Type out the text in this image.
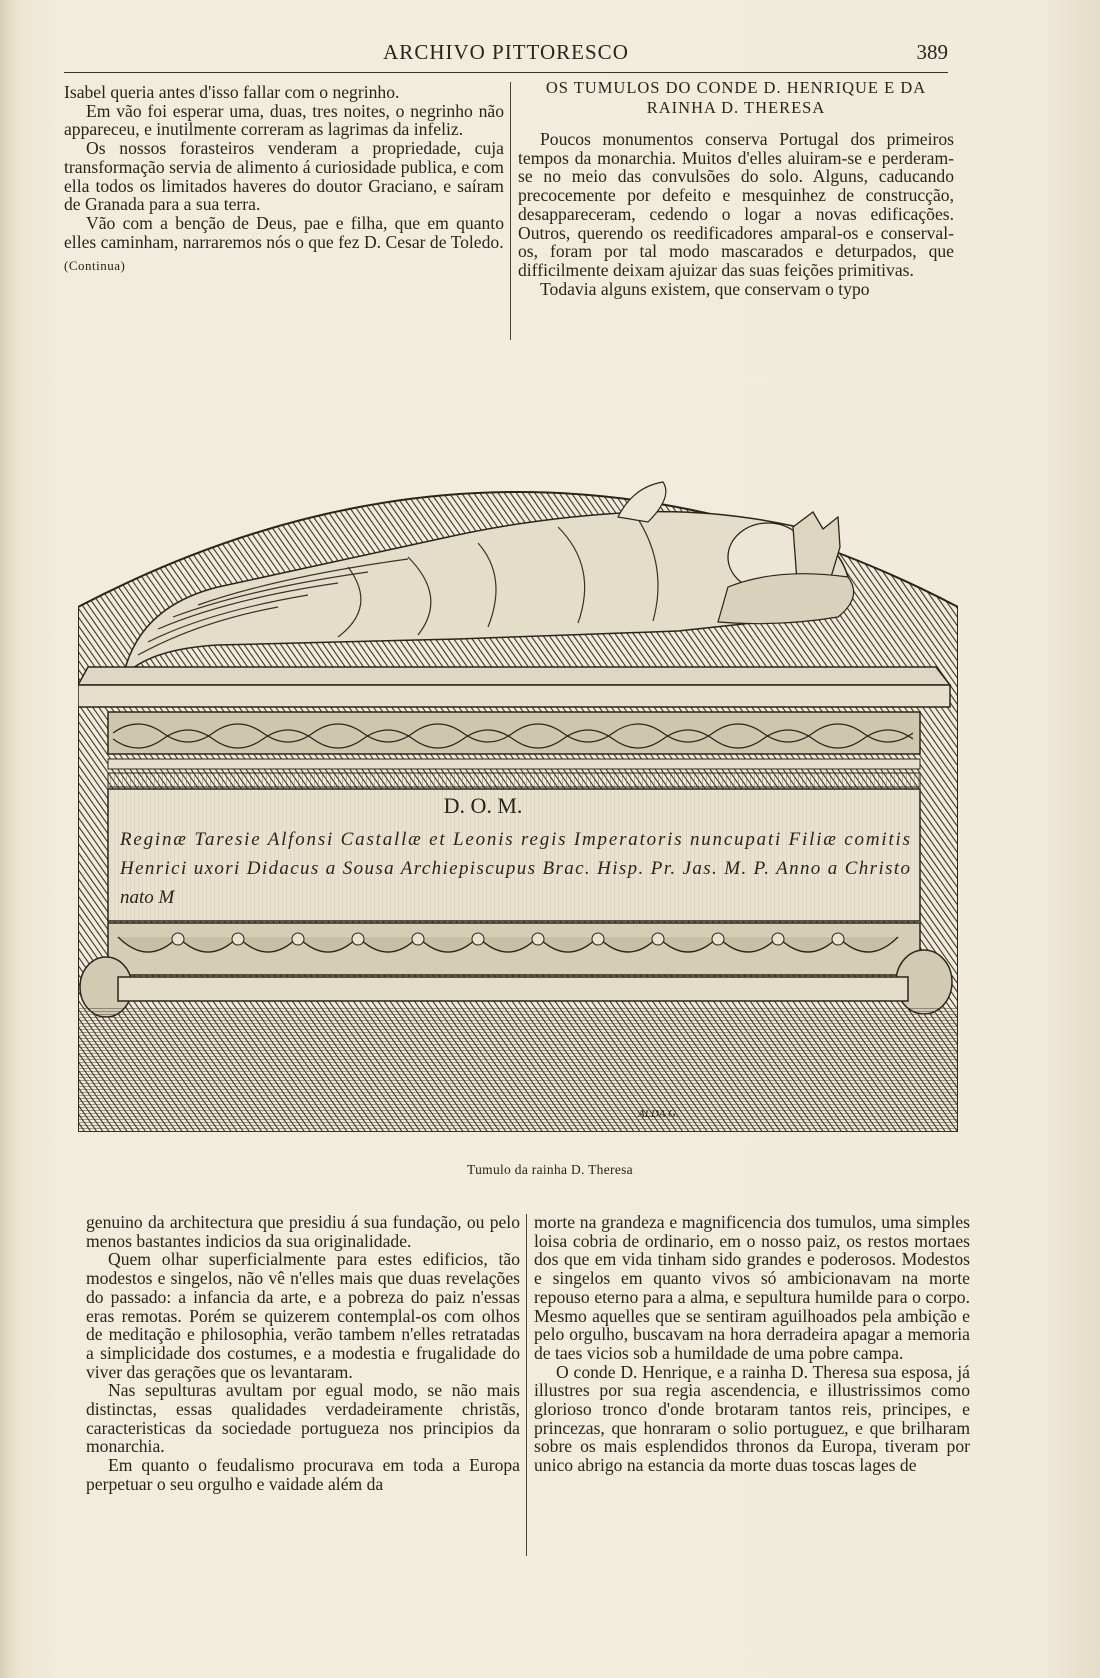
ARCHIVO PITTORESCO	389

Isabel queria antes d'isso fallar com o negrinho.

Em vão foi esperar uma, duas, tres noites, o negrinho não appareceu, e inutilmente correram as lagrimas da infeliz.

Os nossos forasteiros venderam a propriedade, cuja transformação servia de alimento á curiosidade publica, e com ella todos os limitados haveres do doutor Graciano, e saíram de Granada para a sua terra.

Vão com a benção de Deus, pae e filha, que em quanto elles caminham, narraremos nós o que fez D. Cesar de Toledo.

(Continua)

OS TUMULOS DO CONDE D. HENRIQUE E DA
RAINHA D. THERESA

Poucos monumentos conserva Portugal dos primeiros tempos da monarchia. Muitos d'elles aluiram-se e perderam-se no meio das convulsões do solo. Alguns, caducando precocemente por defeito e mesquinhez de construcção, desappareceram, cedendo o logar a novas edificações. Outros, querendo os reedificadores amparal-os e conserval-os, foram por tal modo mascarados e deturpados, que difficilmente deixam ajuizar das suas feições primitivas.

Todavia alguns existem, que conservam o typo

D. O. M.
Reginæ Taresie Alfonsi Castallæ et Leonis regis Imperatoris nuncupati Filiæ comitis
Henrici uxori Didacus a Sousa Archiepiscupus Brac. Hisp. Pr. Jas. M. P. Anno a Christo
nato M
ALDA G.
Tumulo da rainha D. Theresa

genuino da architectura que presidiu á sua fundação, ou pelo menos bastantes indicios da sua originalidade.

Quem olhar superficialmente para estes edificios, tão modestos e singelos, não vê n'elles mais que duas revelações do passado: a infancia da arte, e a pobreza do paiz n'essas eras remotas. Porém se quizerem contemplal-os com olhos de meditação e philosophia, verão tambem n'elles retratadas a simplicidade dos costumes, e a modestia e frugalidade do viver das gerações que os levantaram.

Nas sepulturas avultam por egual modo, se não mais distinctas, essas qualidades verdadeiramente christãs, caracteristicas da sociedade portugueza nos principios da monarchia.

Em quanto o feudalismo procurava em toda a Europa perpetuar o seu orgulho e vaidade além da

morte na grandeza e magnificencia dos tumulos, uma simples loisa cobria de ordinario, em o nosso paiz, os restos mortaes dos que em vida tinham sido grandes e poderosos. Modestos e singelos em quanto vivos só ambicionavam na morte repouso eterno para a alma, e sepultura humilde para o corpo. Mesmo aquelles que se sentiram aguilhoados pela ambição e pelo orgulho, buscavam na hora derradeira apagar a memoria de taes vicios sob a humildade de uma pobre campa.

O conde D. Henrique, e a rainha D. Theresa sua esposa, já illustres por sua regia ascendencia, e illustrissimos como glorioso tronco d'onde brotaram tantos reis, principes, e princezas, que honraram o solio portuguez, e que brilharam sobre os mais esplendidos thronos da Europa, tiveram por unico abrigo na estancia da morte duas toscas lages de
